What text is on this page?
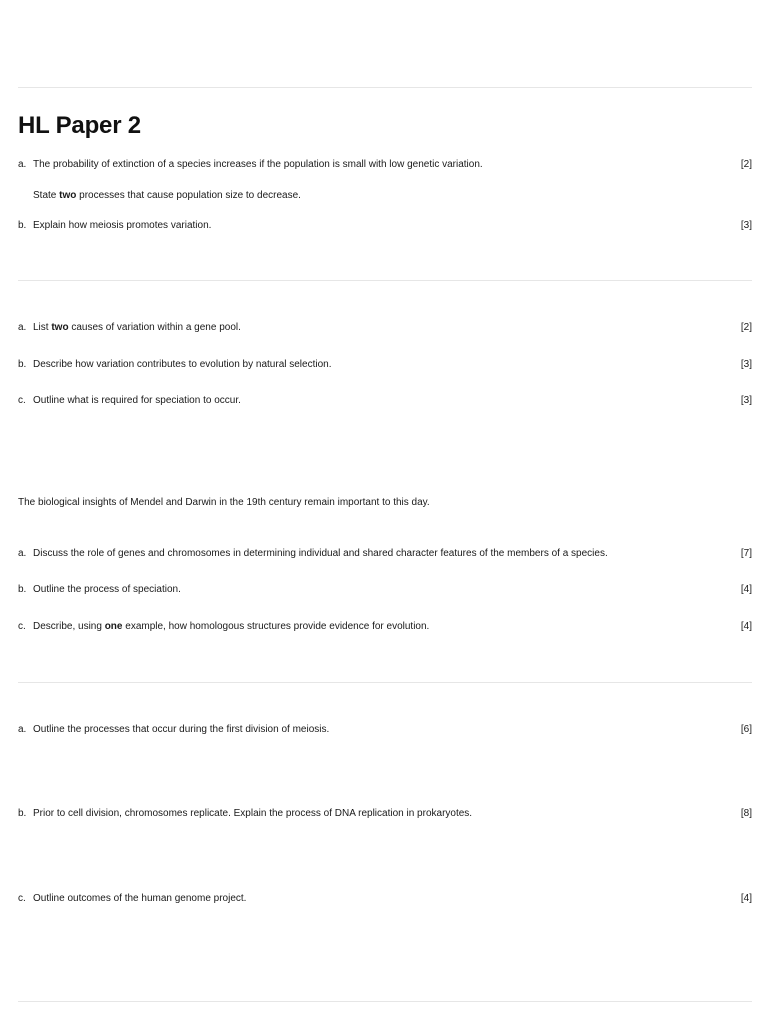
HL Paper 2
a. The probability of extinction of a species increases if the population is small with low genetic variation.	[2]
State two processes that cause population size to decrease.
b. Explain how meiosis promotes variation.	[3]
a. List two causes of variation within a gene pool.	[2]
b. Describe how variation contributes to evolution by natural selection.	[3]
c. Outline what is required for speciation to occur.	[3]
The biological insights of Mendel and Darwin in the 19th century remain important to this day.
a. Discuss the role of genes and chromosomes in determining individual and shared character features of the members of a species.	[7]
b. Outline the process of speciation.	[4]
c. Describe, using one example, how homologous structures provide evidence for evolution.	[4]
a. Outline the processes that occur during the first division of meiosis.	[6]
b. Prior to cell division, chromosomes replicate. Explain the process of DNA replication in prokaryotes.	[8]
c. Outline outcomes of the human genome project.	[4]
